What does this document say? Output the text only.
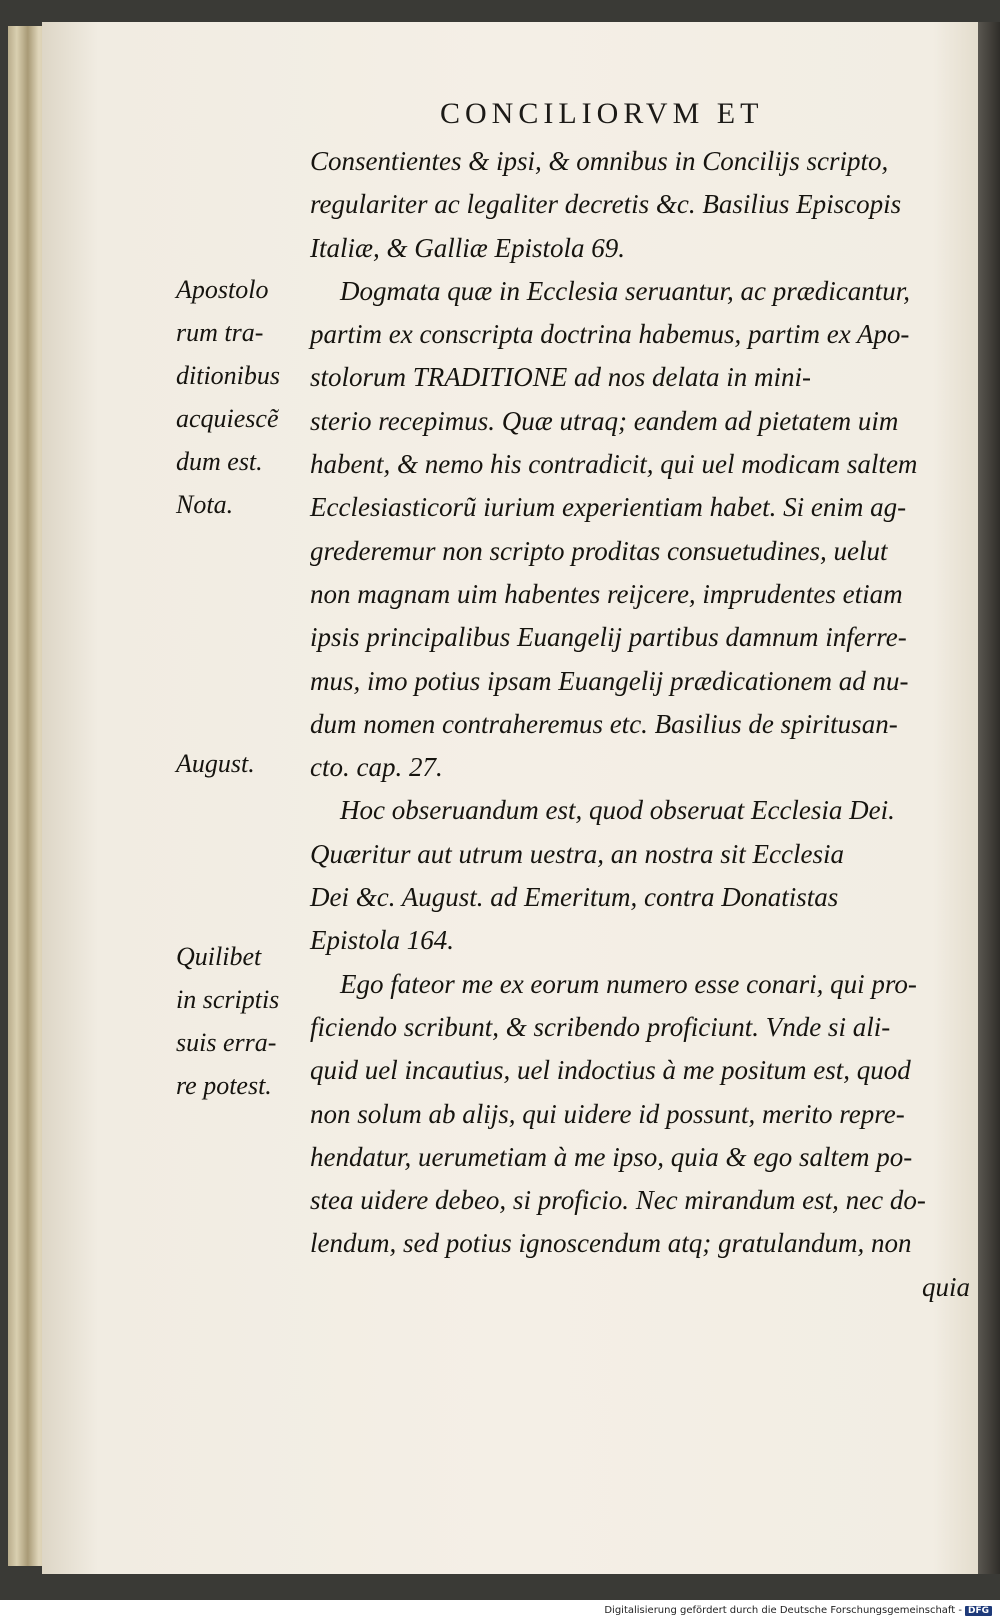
CONCILIORVM ET
Consentientes & ipsi, & omnibus in Concilijs scripto,
regulariter ac legaliter decretis &c. Basilius Episcopis
Italiæ, & Galliæ Epistola 69.
Dogmata quæ in Ecclesia seruantur, ac prædicantur,
partim ex conscripta doctrina habemus, partim ex Apo-
stolorum TRADITIONE ad nos delata in mini-
sterio recepimus. Quæ utraq; eandem ad pietatem uim
habent, & nemo his contradicit, qui uel modicam saltem
Ecclesiasticorũ iurium experientiam habet. Si enim ag-
grederemur non scripto proditas consuetudines, uelut
non magnam uim habentes reijcere, imprudentes etiam
ipsis principalibus Euangelij partibus damnum inferre-
mus, imo potius ipsam Euangelij prædicationem ad nu-
dum nomen contraheremus etc. Basilius de spiritusan-
cto. cap. 27.
Hoc obseruandum est, quod obseruat Ecclesia Dei.
Quæritur aut utrum uestra, an nostra sit Ecclesia
Dei &c. August. ad Emeritum, contra Donatistas
Epistola 164.
Ego fateor me ex eorum numero esse conari, qui pro-
ficiendo scribunt, & scribendo proficiunt. Vnde si ali-
quid uel incautius, uel indoctius à me positum est, quod
non solum ab alijs, qui uidere id possunt, merito repre-
hendatur, uerumetiam à me ipso, quia & ego saltem po-
stea uidere debeo, si proficio. Nec mirandum est, nec do-
lendum, sed potius ignoscendum atq; gratulandum, non
quia
Apostolo
rum tra-
ditionibus
acquiescẽ
dum est.
Nota.
August.
Quilibet
in scriptis
suis erra-
re potest.
Digitalisierung gefördert durch die Deutsche Forschungsgemeinschaft - DFG
